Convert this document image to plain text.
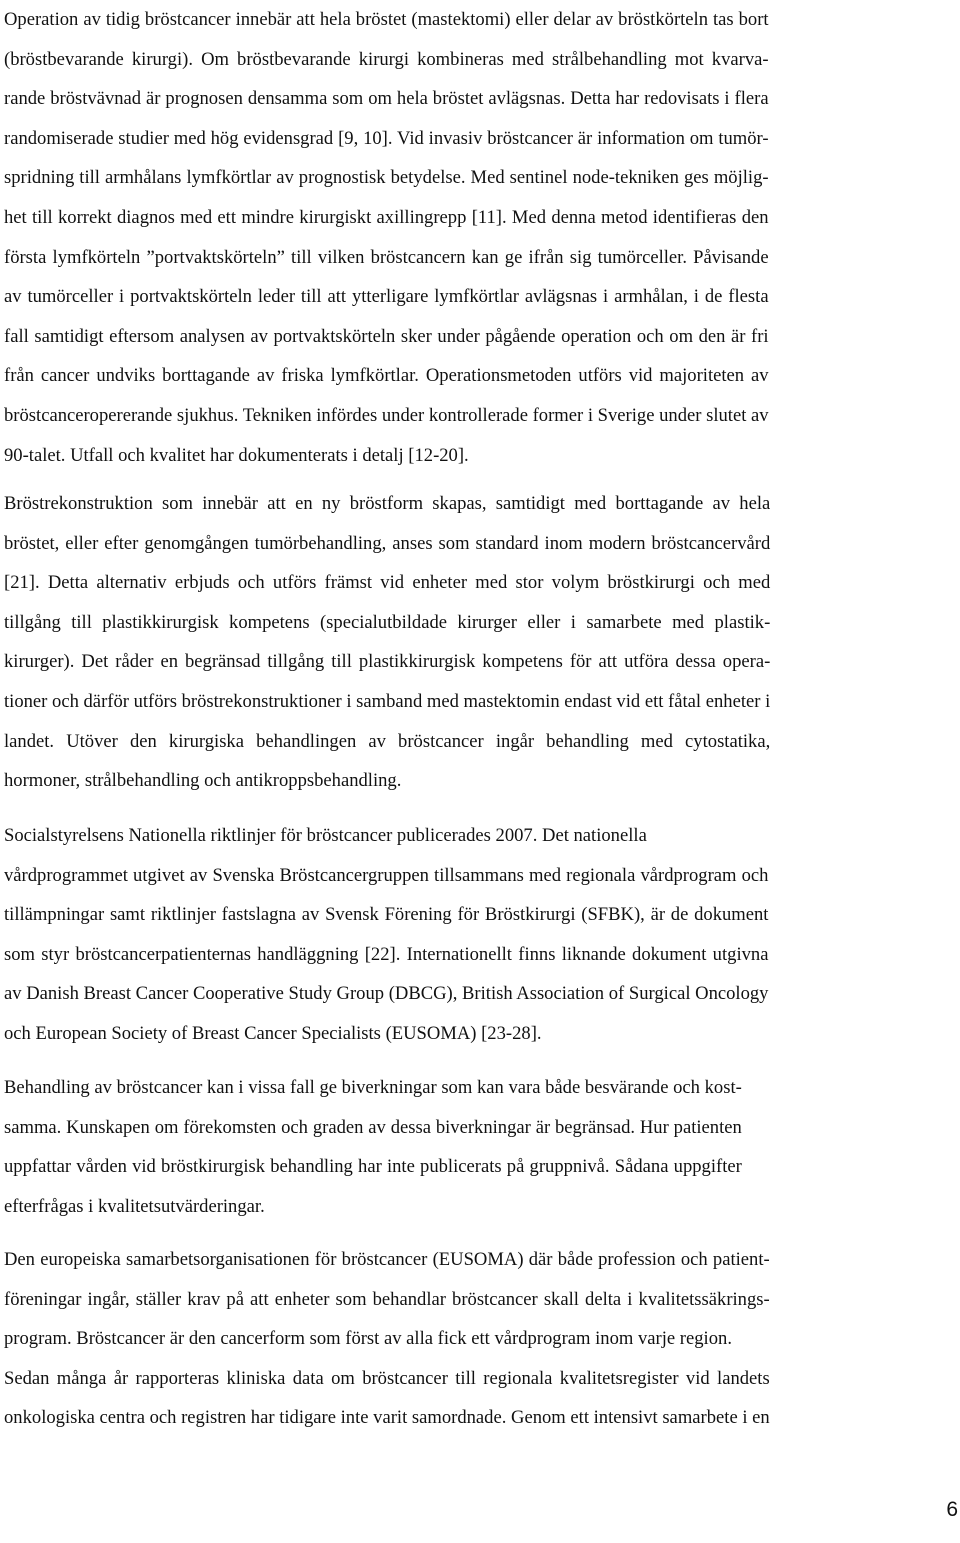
Operation av tidig bröstcancer innebär att hela bröstet (mastektomi) eller delar av bröstkörteln tas bort
(bröstbevarande kirurgi). Om bröstbevarande kirurgi kombineras med strålbehandling mot kvarva-
rande bröstvävnad är prognosen densamma som om hela bröstet avlägsnas. Detta har redovisats i flera
randomiserade studier med hög evidensgrad [9, 10]. Vid invasiv bröstcancer är information om tumör-
spridning till armhålans lymfkörtlar av prognostisk betydelse. Med sentinel node-tekniken ges möjlig-
het till korrekt diagnos med ett mindre kirurgiskt axillingrepp [11]. Med denna metod identifieras den
första lymfkörteln ”portvaktskörteln” till vilken bröstcancern kan ge ifrån sig tumörceller. Påvisande
av tumörceller i portvaktskörteln leder till att ytterligare lymfkörtlar avlägsnas i armhålan, i de flesta
fall samtidigt eftersom analysen av portvaktskörteln sker under pågående operation och om den är fri
från cancer undviks borttagande av friska lymfkörtlar. Operationsmetoden utförs vid majoriteten av
bröstcanceropererande sjukhus. Tekniken infördes under kontrollerade former i Sverige under slutet av
90-talet. Utfall och kvalitet har dokumenterats i detalj [12-20].
Bröstrekonstruktion som innebär att en ny bröstform skapas, samtidigt med borttagande av hela
bröstet, eller efter genomgången tumörbehandling, anses som standard inom modern bröstcancervård
[21]. Detta alternativ erbjuds och utförs främst vid enheter med stor volym bröstkirurgi och med
tillgång till plastikkirurgisk kompetens (specialutbildade kirurger eller i samarbete med plastik-
kirurger). Det råder en begränsad tillgång till plastikkirurgisk kompetens för att utföra dessa opera-
tioner och därför utförs bröstrekonstruktioner i samband med mastektomin endast vid ett fåtal enheter i
landet. Utöver den kirurgiska behandlingen av bröstcancer ingår behandling med cytostatika,
hormoner, strålbehandling och antikroppsbehandling.
Socialstyrelsens Nationella riktlinjer för bröstcancer publicerades 2007. Det nationella
vårdprogrammet utgivet av Svenska Bröstcancergruppen tillsammans med regionala vårdprogram och
tillämpningar samt riktlinjer fastslagna av Svensk Förening för Bröstkirurgi (SFBK), är de dokument
som styr bröstcancerpatienternas handläggning [22]. Internationellt finns liknande dokument utgivna
av Danish Breast Cancer Cooperative Study Group (DBCG), British Association of Surgical Oncology
och European Society of Breast Cancer Specialists (EUSOMA) [23-28].
Behandling av bröstcancer kan i vissa fall ge biverkningar som kan vara både besvärande och kost-
samma. Kunskapen om förekomsten och graden av dessa biverkningar är begränsad. Hur patienten
uppfattar vården vid bröstkirurgisk behandling har inte publicerats på gruppnivå. Sådana uppgifter
efterfrågas i kvalitetsutvärderingar.
Den europeiska samarbetsorganisationen för bröstcancer (EUSOMA) där både profession och patient-
föreningar ingår, ställer krav på att enheter som behandlar bröstcancer skall delta i kvalitetssäkrings-
program. Bröstcancer är den cancerform som först av alla fick ett vårdprogram inom varje region.
Sedan många år rapporteras kliniska data om bröstcancer till regionala kvalitetsregister vid landets
onkologiska centra och registren har tidigare inte varit samordnade. Genom ett intensivt samarbete i en
6
